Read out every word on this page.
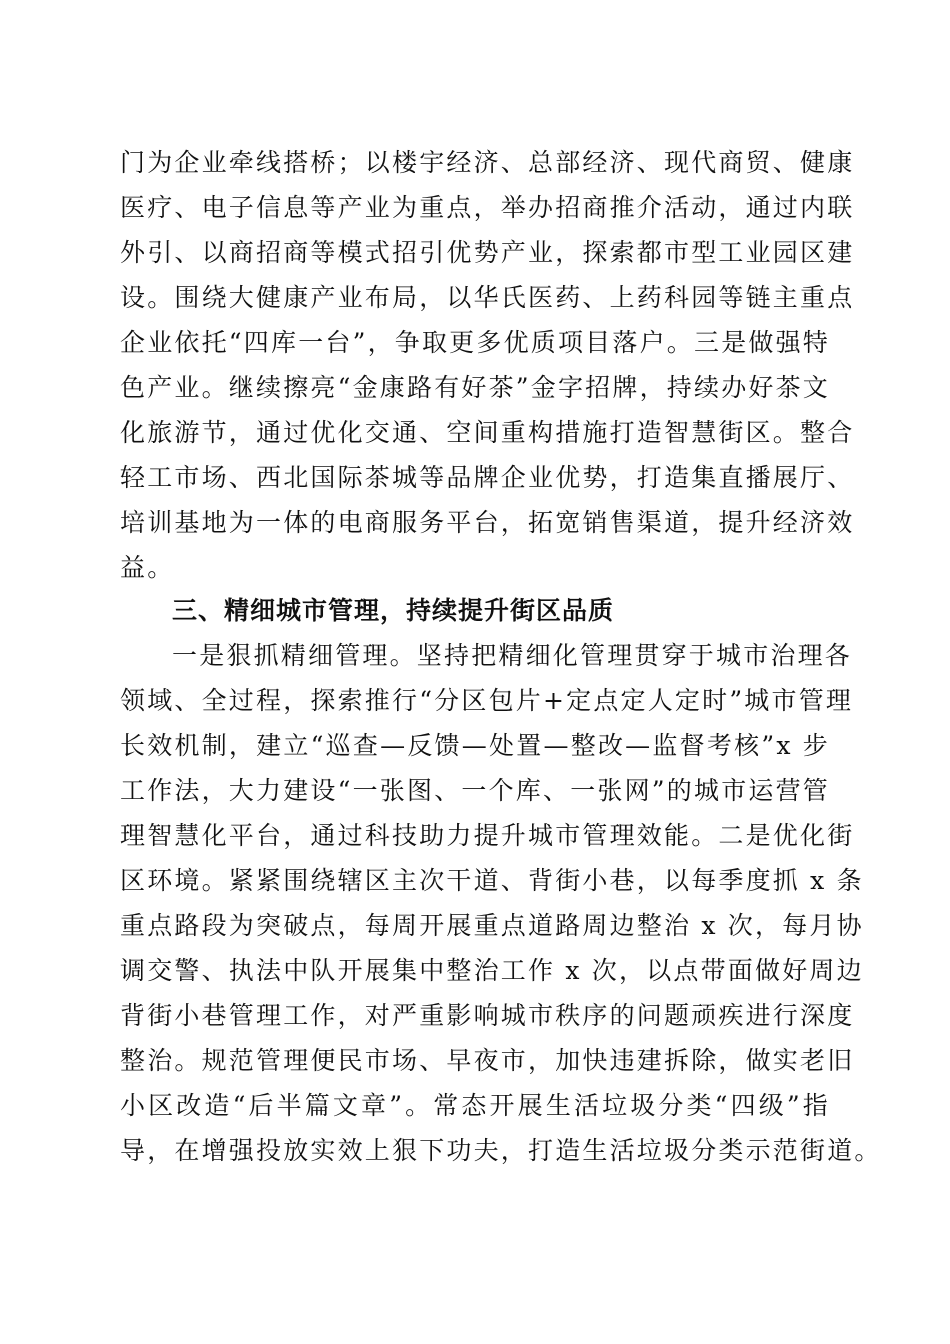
门为企业牵线搭桥；以楼宇经济、总部经济、现代商贸、健康
医疗、电子信息等产业为重点，举办招商推介活动，通过内联
外引、以商招商等模式招引优势产业，探索都市型工业园区建
设。围绕大健康产业布局，以华氏医药、上药科园等链主重点
企业依托“四库一台”，争取更多优质项目落户。三是做强特
色产业。继续擦亮“金康路有好茶”金字招牌，持续办好茶文
化旅游节，通过优化交通、空间重构措施打造智慧街区。整合
轻工市场、西北国际茶城等品牌企业优势，打造集直播展厅、
培训基地为一体的电商服务平台，拓宽销售渠道，提升经济效
益。
三、精细城市管理，持续提升街区品质
一是狠抓精细管理。坚持把精细化管理贯穿于城市治理各
领域、全过程，探索推行“分区包片+定点定人定时”城市管理
长效机制，建立“巡查—反馈—处置—整改—监督考核”x 步
工作法，大力建设“一张图、一个库、一张网”的城市运营管
理智慧化平台，通过科技助力提升城市管理效能。二是优化街
区环境。紧紧围绕辖区主次干道、背街小巷，以每季度抓 x 条
重点路段为突破点，每周开展重点道路周边整治 x 次，每月协
调交警、执法中队开展集中整治工作 x 次，以点带面做好周边
背街小巷管理工作，对严重影响城市秩序的问题顽疾进行深度
整治。规范管理便民市场、早夜市，加快违建拆除，做实老旧
小区改造“后半篇文章”。常态开展生活垃圾分类“四级”指
导，在增强投放实效上狠下功夫，打造生活垃圾分类示范街道。
